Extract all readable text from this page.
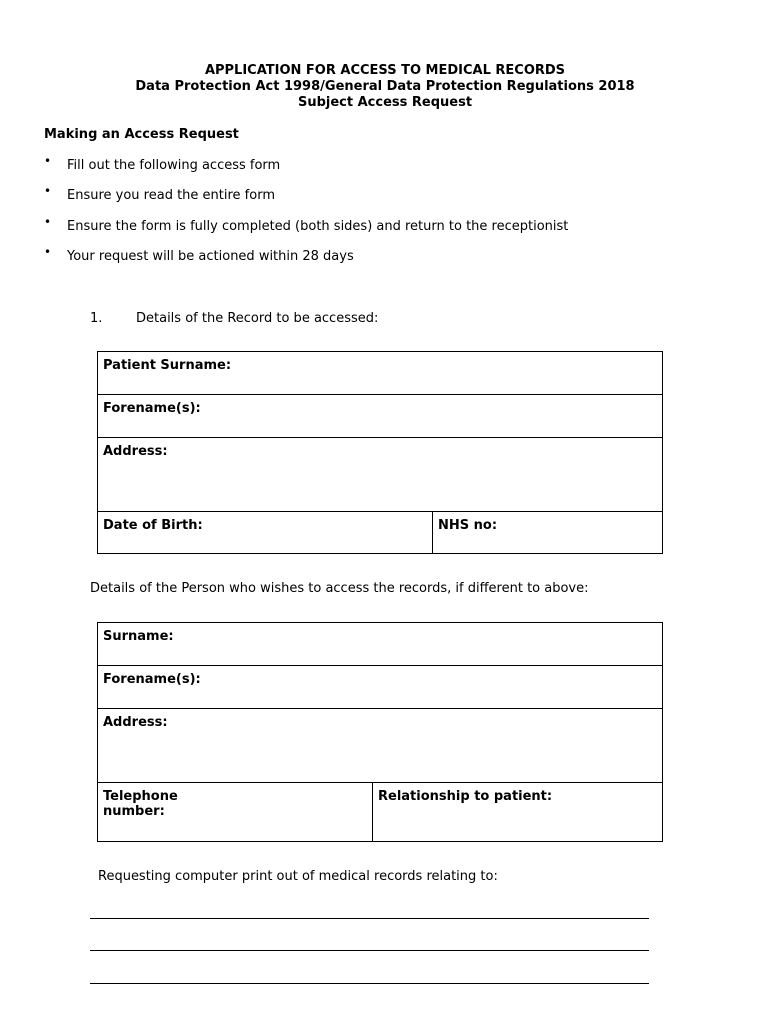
APPLICATION FOR ACCESS TO MEDICAL RECORDS
Data Protection Act 1998/General Data Protection Regulations 2018
Subject Access Request
Making an Access Request
• Fill out the following access form
• Ensure you read the entire form
• Ensure the form is fully completed (both sides) and return to the receptionist
• Your request will be actioned within 28 days
1.	Details of the Record to be accessed:
Patient Surname:
Forename(s):
Address:
Date of Birth:	NHS no:
Details of the Person who wishes to access the records, if different to above:
Surname:
Forename(s):
Address:

Telephone
number:
	Relationship to patient:
Requesting computer print out of medical records relating to:
